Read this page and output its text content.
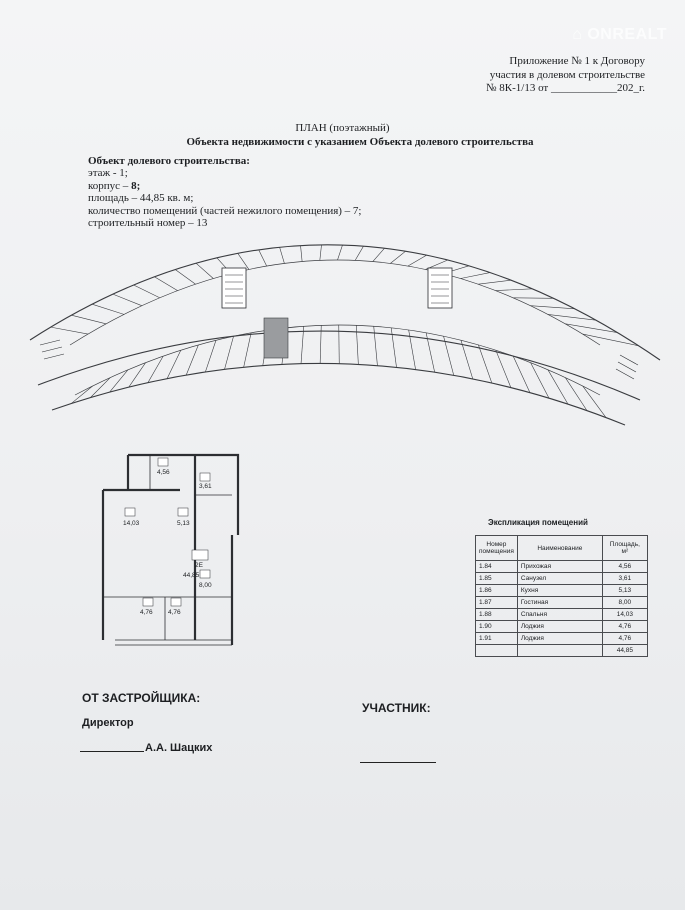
⌂ ONREALT
Приложение № 1 к Договору
участия в долевом строительстве
№ 8К-1/13 от ____________202_г.
ПЛАН (поэтажный)
Объекта недвижимости с указанием Объекта долевого строительства
Объект долевого строительства:
этаж - 1;
корпус – 8;
площадь – 44,85 кв. м;
количество помещений (частей нежилого помещения) – 7;
строительный номер – 13
4,56
3,61
14,03	5,13
2Е
44,85
8,00
4,76 4,76
Экспликация помещений
Номер помещения	Наименование	Площадь, м²
1.84	Прихожая	4,56
1.85	Санузел	3,61
1.86	Кухня	5,13
1.87	Гостиная	8,00
1.88	Спальня	14,03
1.90	Лоджия	4,76
1.91	Лоджия	4,76
		44,85
ОТ ЗАСТРОЙЩИКА:
Директор
А.А. Шацких
УЧАСТНИК:
